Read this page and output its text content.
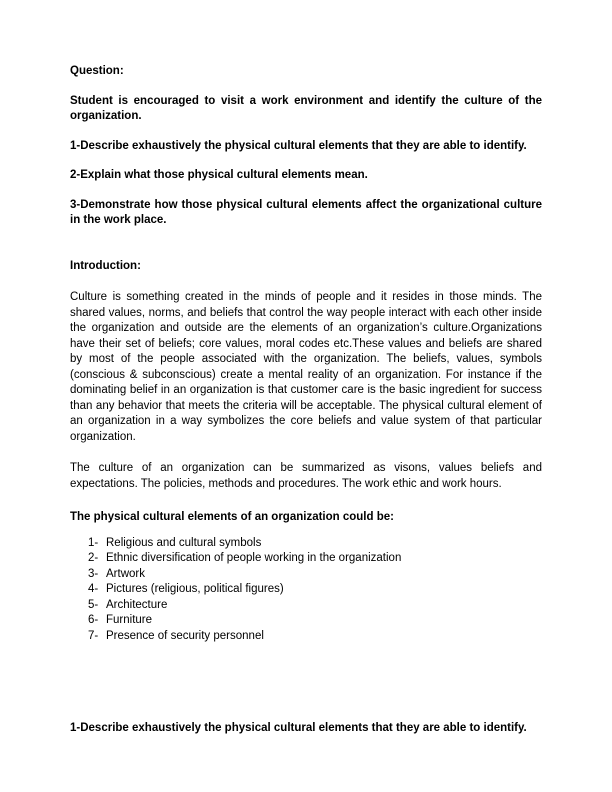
Question:

Student is encouraged to visit a work environment and identify the culture of the organization.

1-Describe exhaustively the physical cultural elements that they are able to identify.

2-Explain what those physical cultural elements mean.

3-Demonstrate how those physical cultural elements affect the organizational culture in the work place.

Introduction:

Culture is something created in the minds of people and it resides in those minds. The shared values, norms, and beliefs that control the way people interact with each other inside the organization and outside are the elements of an organization’s culture.Organizations have their set of beliefs; core values, moral codes etc.These values and beliefs are shared by most of the people associated with the organization. The beliefs, values, symbols (conscious & subconscious) create a mental reality of an organization. For instance if the dominating belief in an organization is that customer care is the basic ingredient for success than any behavior that meets the criteria will be acceptable. The physical cultural element of an organization in a way symbolizes the core beliefs and value system of that particular organization.

The culture of an organization can be summarized as visons, values beliefs and expectations. The policies, methods and procedures. The work ethic and work hours.

The physical cultural elements of an organization could be:

1- Religious and cultural symbols
2- Ethnic diversification of people working in the organization
3- Artwork
4- Pictures (religious, political figures)
5- Architecture
6- Furniture
7- Presence of security personnel

1-Describe exhaustively the physical cultural elements that they are able to identify.
